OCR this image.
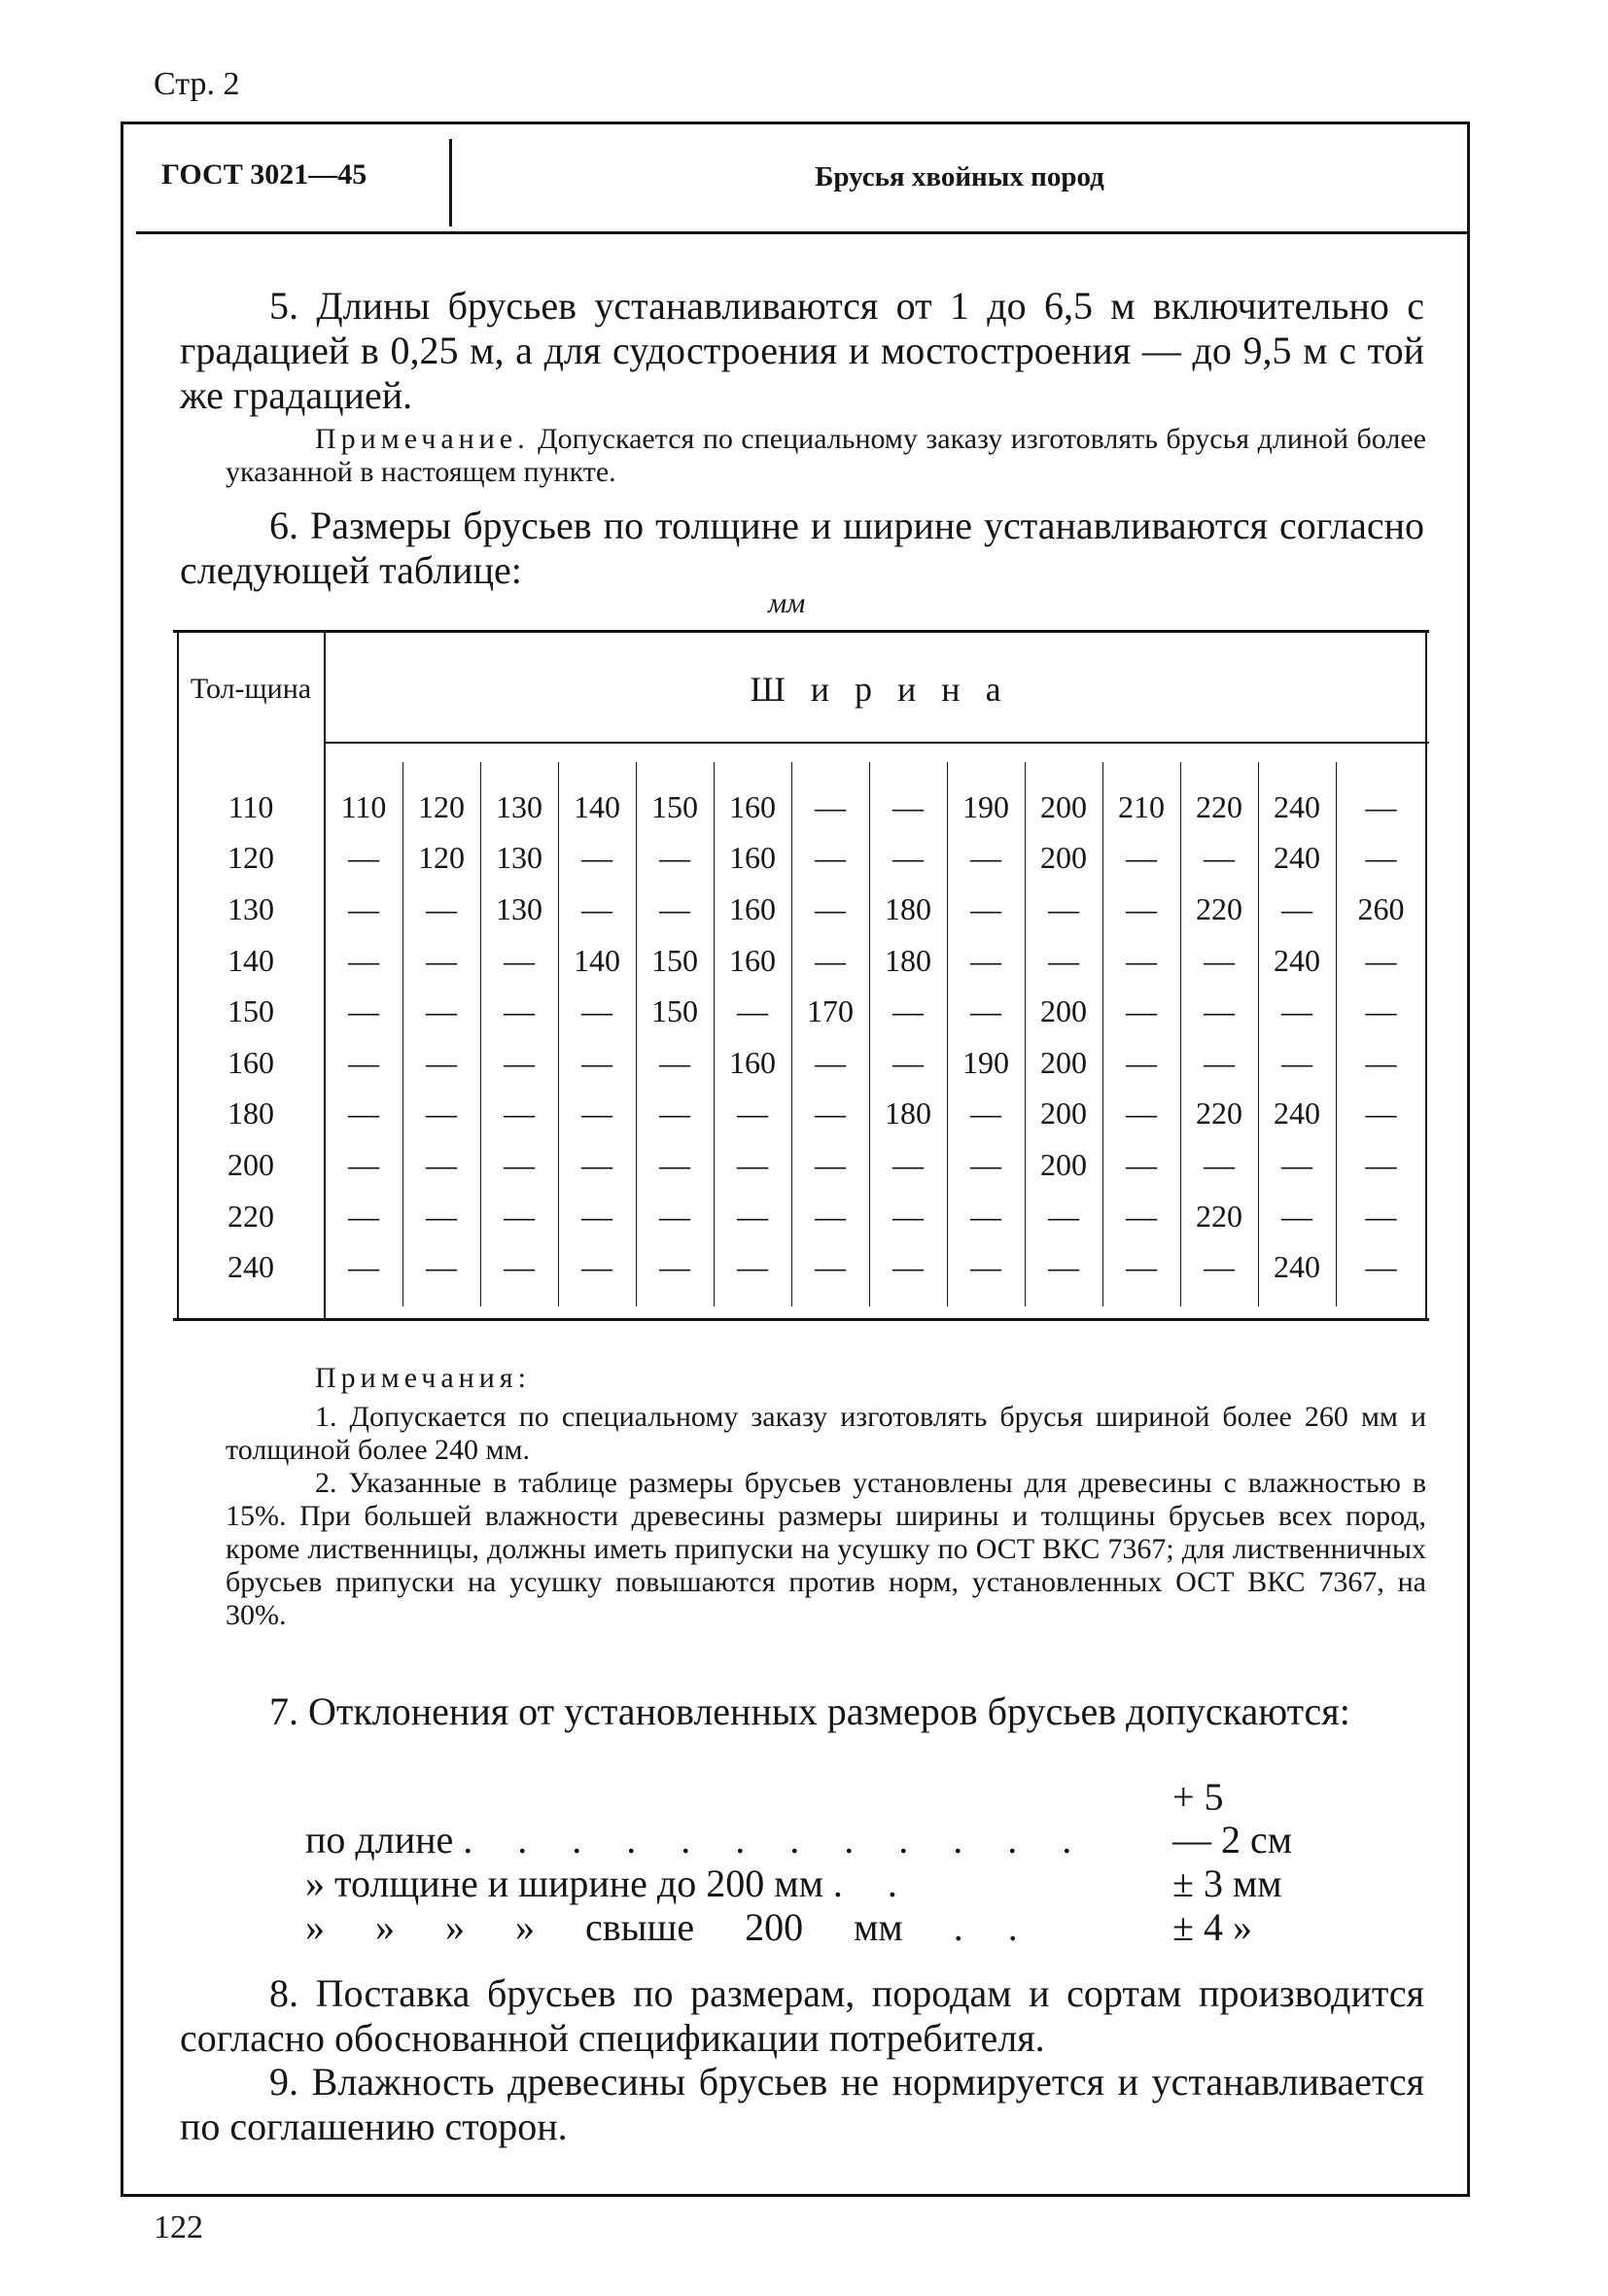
Стр. 2
ГОСТ 3021—45	Брусья хвойных пород

5. Длины брусьев устанавливаются от 1 до 6,5 м включительно с градацией в 0,25 м, а для судостроения и мостостроения — до 9,5 м с той же градацией.

Примечание. Допускается по специальному заказу изготовлять брусья длиной более указанной в настоящем пункте.

6. Размеры брусьев по толщине и ширине устанавливаются согласно следующей таблице:

мм
Тол-щина	Ширина													

110	110	120	130	140	150	160	—	—	190	200	210	220	240	—
120	—	120	130	—	—	160	—	—	—	200	—	—	240	—
130	—	—	130	—	—	160	—	180	—	—	—	220	—	260
140	—	—	—	140	150	160	—	180	—	—	—	—	240	—
150	—	—	—	—	150	—	170	—	—	200	—	—	—	—
160	—	—	—	—	—	160	—	—	190	200	—	—	—	—
180	—	—	—	—	—	—	—	180	—	200	—	220	240	—
200	—	—	—	—	—	—	—	—	—	200	—	—	—	—
220	—	—	—	—	—	—	—	—	—	—	—	220	—	—
240	—	—	—	—	—	—	—	—	—	—	—	—	240	—

Примечания:

1. Допускается по специальному заказу изготовлять брусья шириной более 260 мм и толщиной более 240 мм.

2. Указанные в таблице размеры брусьев установлены для древесины с влажностью в 15%. При большей влажности древесины размеры ширины и толщины брусьев всех пород, кроме лиственницы, должны иметь припуски на усушку по ОСТ ВКС 7367; для лиственничных брусьев припуски на усушку повышаются против норм, установленных ОСТ ВКС 7367, на 30%.

7. Отклонения от установленных размеров брусьев допускаются:

+ 5
по длине . . . . . . . . . . . . — 2 см
» толщине и ширине до 200 мм . .	± 3 мм
» » » » свыше 200 мм . .	± 4 »

8. Поставка брусьев по размерам, породам и сортам производится согласно обоснованной спецификации потребителя.

9. Влажность древесины брусьев не нормируется и устанавливается по соглашению сторон.

122
